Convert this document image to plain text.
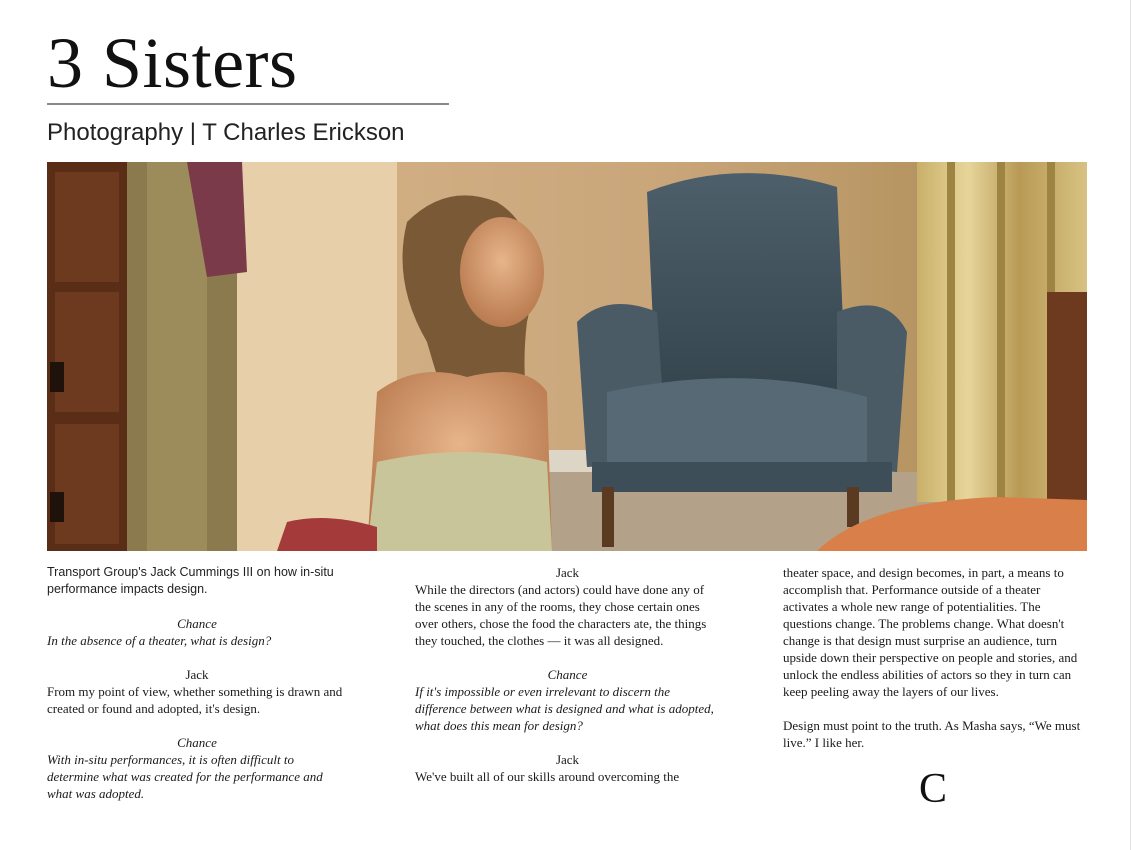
3 Sisters
Photography | T Charles Erickson

Transport Group's Jack Cummings III on how in-situ performance impacts design.

Chance

In the absence of a theater, what is design?

Jack

From my point of view, whether something is drawn and created or found and adopted, it's design.

Chance

With in-situ performances, it is often difficult to determine what was created for the performance and what was adopted.

Jack

While the directors (and actors) could have done any of the scenes in any of the rooms, they chose certain ones over others, chose the food the characters ate, the things they touched, the clothes — it was all designed.

Chance

If it's impossible or even irrelevant to discern the difference between what is designed and what is adopted, what does this mean for design?

Jack

We've built all of our skills around overcoming the

theater space, and design becomes, in part, a means to accomplish that. Performance outside of a theater activates a whole new range of potentialities. The questions change. The problems change. What doesn't change is that design must surprise an audience, turn upside down their perspective on people and stories, and unlock the endless abilities of actors so they in turn can keep peeling away the layers of our lives.

Design must point to the truth. As Masha says, “We must live.” I like her.

C
